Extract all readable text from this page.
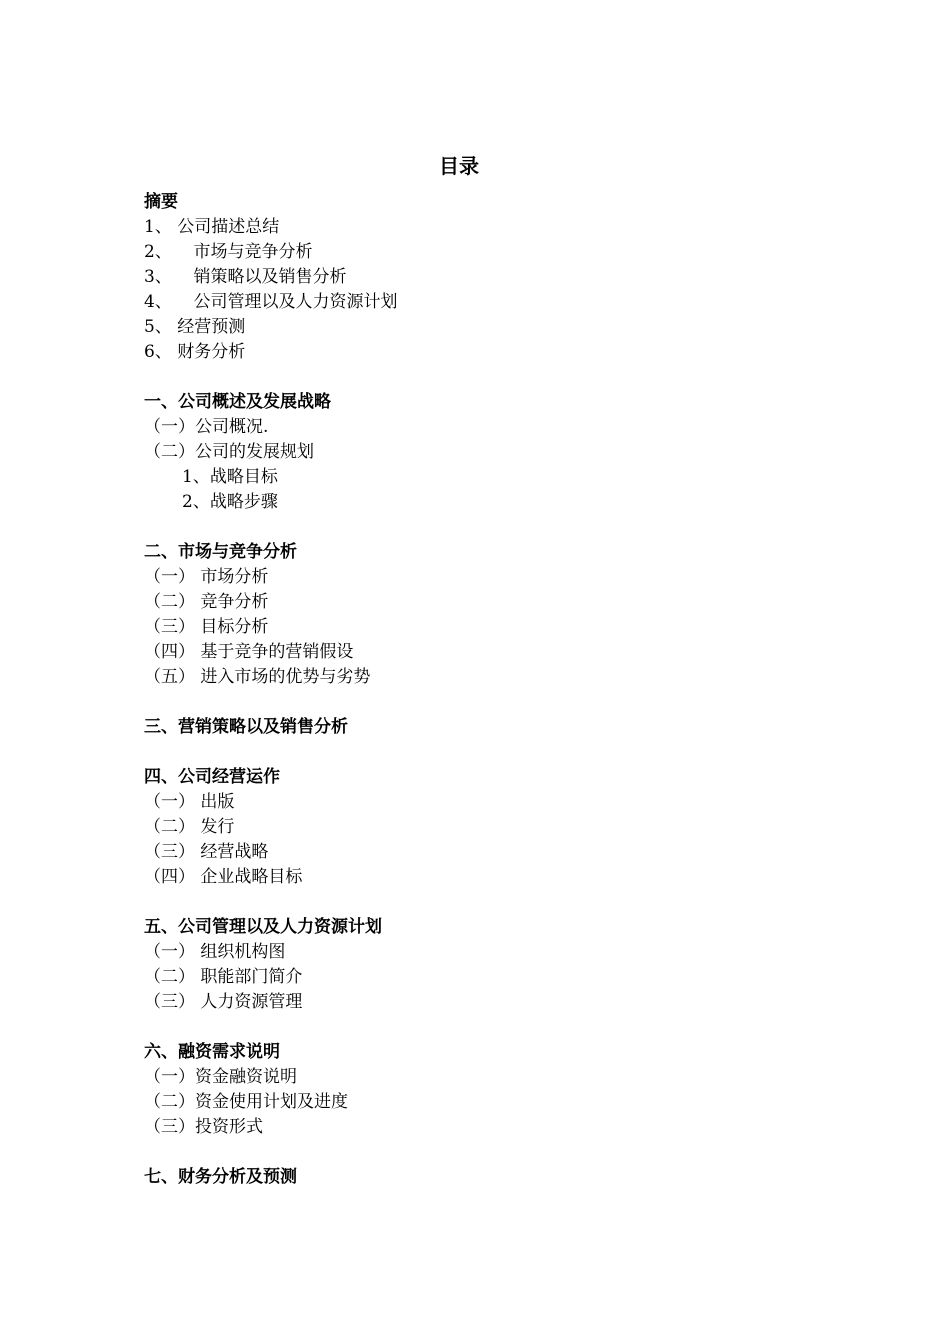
目录
摘要
1、 公司描述总结
2、 市场与竞争分析
3、 销策略以及销售分析
4、 公司管理以及人力资源计划
5、 经营预测
6、 财务分析
一、公司概述及发展战略
（一）公司概况.
（二）公司的发展规划
1、战略目标
2、战略步骤
二、市场与竞争分析
（一） 市场分析
（二） 竞争分析
（三） 目标分析
（四） 基于竞争的营销假设
（五） 进入市场的优势与劣势
三、营销策略以及销售分析
四、公司经营运作
（一） 出版
（二） 发行
（三） 经营战略
（四） 企业战略目标
五、公司管理以及人力资源计划
（一） 组织机构图
（二） 职能部门简介
（三） 人力资源管理
六、融资需求说明
（一）资金融资说明
（二）资金使用计划及进度
（三）投资形式
七、财务分析及预测
